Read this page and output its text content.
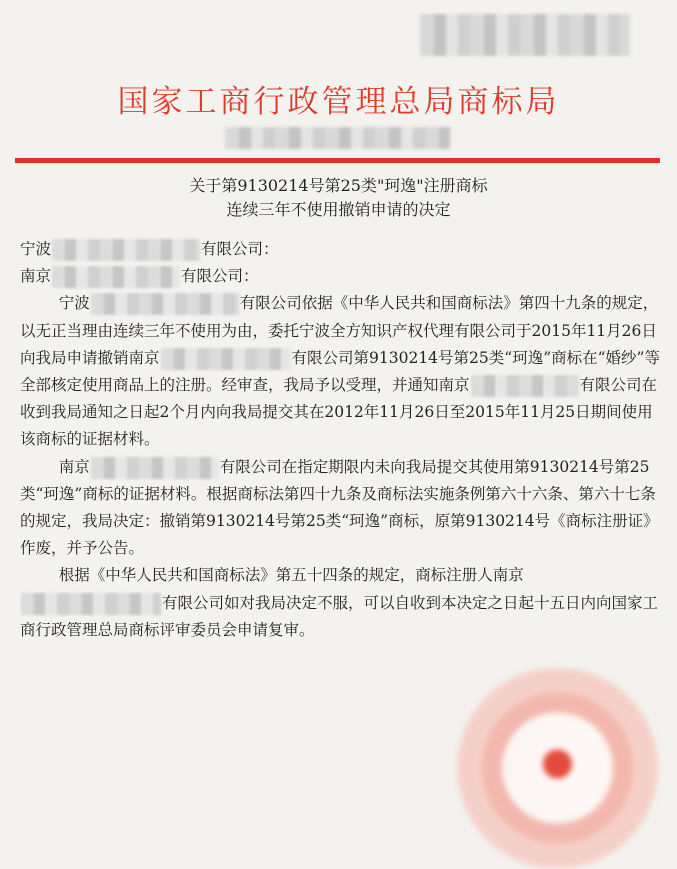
国家工商行政管理总局商标局
关于第9130214号第25类"珂逸"注册商标
连续三年不使用撤销申请的决定

宁波	有限公司：

南京	有限公司：

宁波	有限公司依据《中华人民共和国商标法》第四十九条的规定，以无正当理由连续三年不使用为由，委托宁波全方知识产权代理有限公司于2015年11月26日向我局申请撤销南京	有限公司第9130214号第25类“珂逸”商标在“婚纱”等全部核定使用商品上的注册。经审查，我局予以受理，并通知南京	有限公司在收到我局通知之日起2个月内向我局提交其在2012年11月26日至2015年11月25日期间使用该商标的证据材料。

南京	有限公司在指定期限内未向我局提交其使用第9130214号第25类“珂逸”商标的证据材料。根据商标法第四十九条及商标法实施条例第六十六条、第六十七条的规定，我局决定：撤销第9130214号第25类“珂逸”商标，原第9130214号《商标注册证》作废，并予公告。

根据《中华人民共和国商标法》第五十四条的规定，商标注册人南京有限公司如对我局决定不服，可以自收到本决定之日起十五日内向国家工商行政管理总局商标评审委员会申请复审。
